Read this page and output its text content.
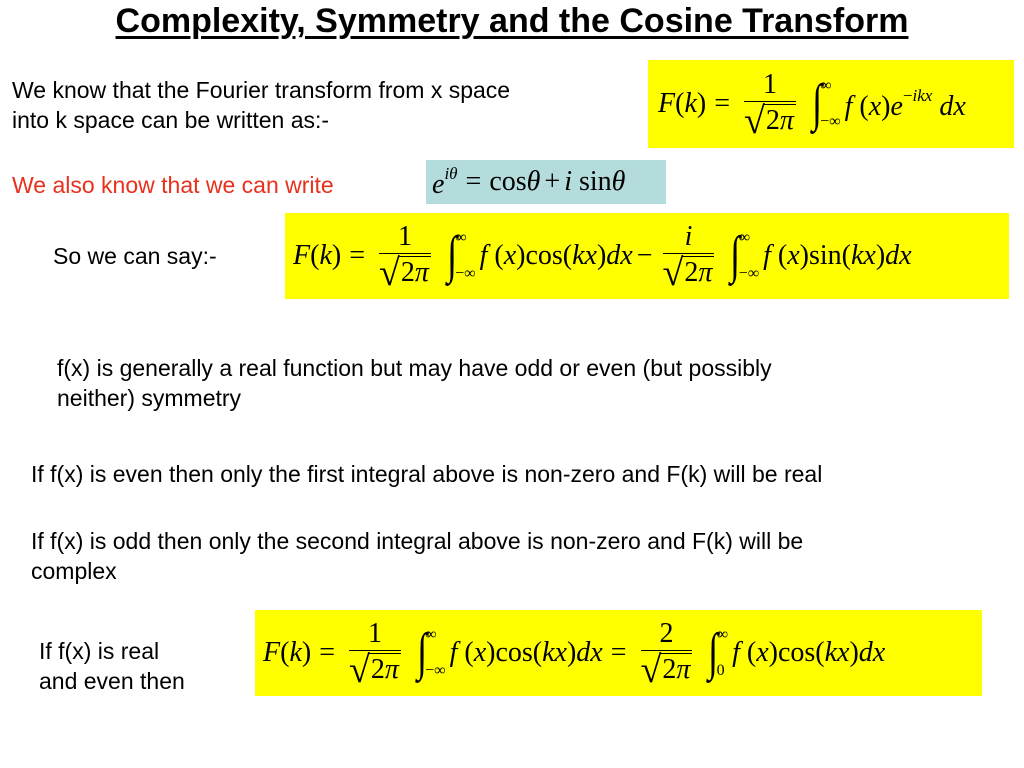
Complexity, Symmetry and the Cosine Transform
We know that the Fourier transform from x space
into k space can be written as:-
$F(k) = \frac{1}{√ 2\pi}$ ∫
∞
−∞ f $(x)e^{-ikx}$ dx
We also know that we can write	$e^{i\theta} = \cos\theta + i$ sinθ
So we can say:-	$F(k) = \frac{1}{√ 2\pi}$ ∫
∞
−∞
f $(x)\cos(kx)dx - \frac{i}{√ 2\pi}$ ∫
∞
−∞
f (x)sin(kx)dx
f(x) is generally a real function but may have odd or even (but possibly
neither) symmetry
If f(x) is even then only the first integral above is non-zero and F(k) will be real
If f(x) is odd then only the second integral above is non-zero and F(k) will be
complex
If f(x) is real
and even then
$F(k) = \frac{1}{√ 2\pi}$ ∫
∞
−∞
f $(x)\cos(kx)dx = \frac{2}{√ 2\pi}$ ∫
∞
0
f (x)cos(kx)dx
